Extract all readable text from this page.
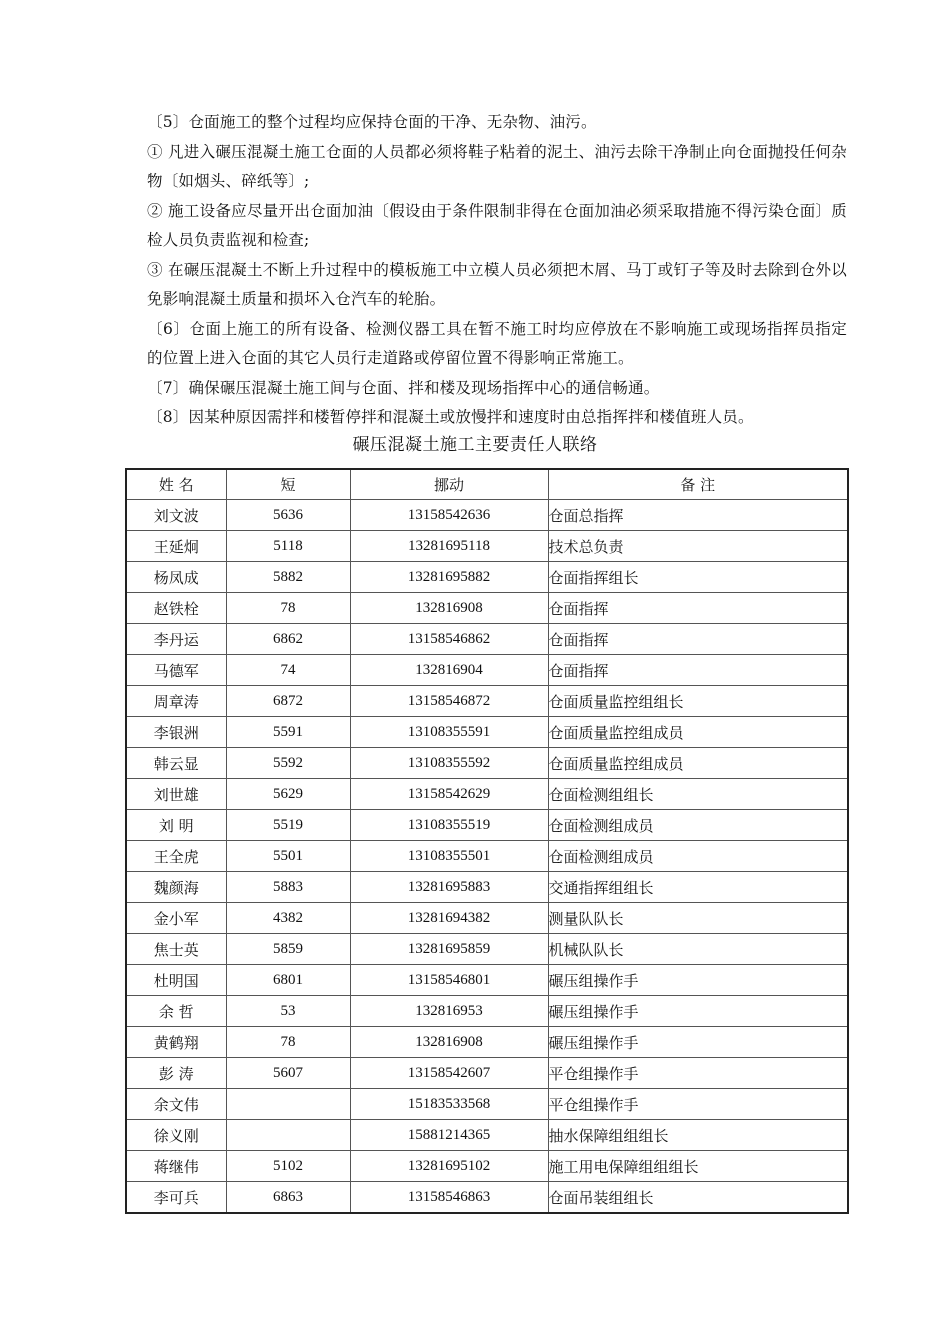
〔5〕仓面施工的整个过程均应保持仓面的干净、无杂物、油污。

① 凡进入碾压混凝土施工仓面的人员都必须将鞋子粘着的泥土、油污去除干净制止向仓面抛投任何杂物〔如烟头、碎纸等〕;

② 施工设备应尽量开出仓面加油〔假设由于条件限制非得在仓面加油必须采取措施不得污染仓面〕质检人员负责监视和检查;

③ 在碾压混凝土不断上升过程中的模板施工中立模人员必须把木屑、马丁或钉子等及时去除到仓外以免影响混凝土质量和损坏入仓汽车的轮胎。

〔6〕仓面上施工的所有设备、检测仪器工具在暂不施工时均应停放在不影响施工或现场指挥员指定的位置上进入仓面的其它人员行走道路或停留位置不得影响正常施工。

〔7〕确保碾压混凝土施工间与仓面、拌和楼及现场指挥中心的通信畅通。

〔8〕因某种原因需拌和楼暂停拌和混凝土或放慢拌和速度时由总指挥拌和楼值班人员。

碾压混凝土施工主要责任人联络
姓 名	短	挪动	备 注
刘文波	5636	13158542636	仓面总指挥
王延炯	5118	13281695118	技术总负责
杨凤成	5882	13281695882	仓面指挥组长
赵铁栓	78	132816908	仓面指挥
李丹运	6862	13158546862	仓面指挥
马德军	74	132816904	仓面指挥
周章涛	6872	13158546872	仓面质量监控组组长
李银洲	5591	13108355591	仓面质量监控组成员
韩云显	5592	13108355592	仓面质量监控组成员
刘世雄	5629	13158542629	仓面检测组组长
刘 明	5519	13108355519	仓面检测组成员
王全虎	5501	13108355501	仓面检测组成员
魏颜海	5883	13281695883	交通指挥组组长
金小军	4382	13281694382	测量队队长
焦士英	5859	13281695859	机械队队长
杜明国	6801	13158546801	碾压组操作手
余 哲	53	132816953	碾压组操作手
黄鹤翔	78	132816908	碾压组操作手
彭 涛	5607	13158542607	平仓组操作手
余文伟		15183533568	平仓组操作手
徐义刚		15881214365	抽水保障组组组长
蒋继伟	5102	13281695102	施工用电保障组组组长
李可兵	6863	13158546863	仓面吊装组组长
